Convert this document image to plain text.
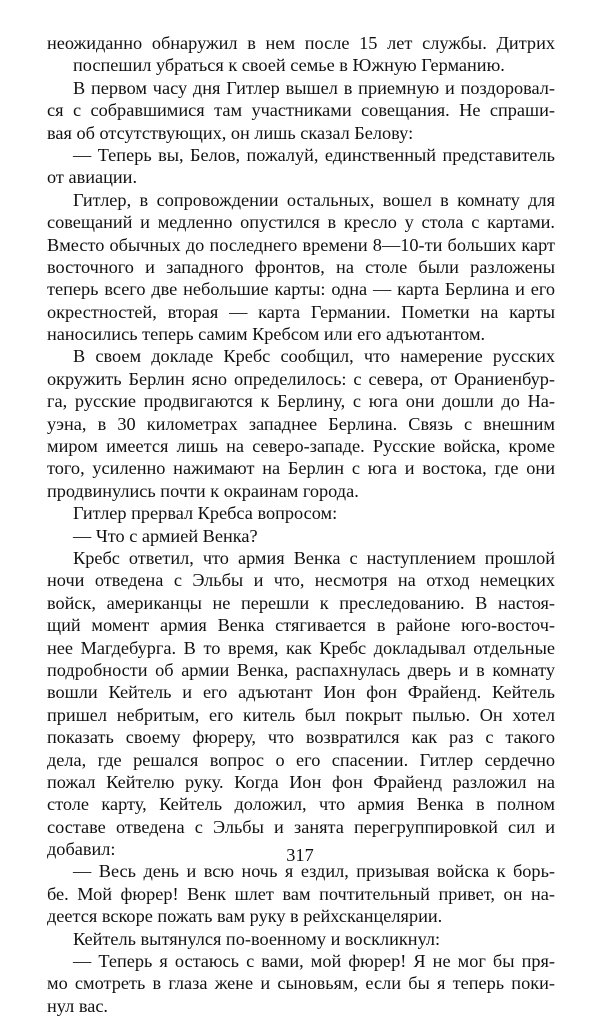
неожиданно обнаружил в нем после 15 лет службы. Дитрих
поспешил убраться к своей семье в Южную Германию.
В первом часу дня Гитлер вышел в приемную и поздоровал-
ся с собравшимися там участниками совещания. Не спраши-
вая об отсутствующих, он лишь сказал Белову:
— Теперь вы, Белов, пожалуй, единственный представитель
от авиации.
Гитлер, в сопровождении остальных, вошел в комнату для
совещаний и медленно опустился в кресло у стола с картами.
Вместо обычных до последнего времени 8—10-ти больших карт
восточного и западного фронтов, на столе были разложены
теперь всего две небольшие карты: одна — карта Берлина и его
окрестностей, вторая — карта Германии. Пометки на карты
наносились теперь самим Кребсом или его адъютантом.
В своем докладе Кребс сообщил, что намерение русских
окружить Берлин ясно определилось: с севера, от Ораниенбур-
га, русские продвигаются к Берлину, с юга они дошли до На-
уэна, в 30 километрах западнее Берлина. Связь с внешним
миром имеется лишь на северо-западе. Русские войска, кроме
того, усиленно нажимают на Берлин с юга и востока, где они
продвинулись почти к окраинам города.
Гитлер прервал Кребса вопросом:
— Что с армией Венка?
Кребс ответил, что армия Венка с наступлением прошлой
ночи отведена с Эльбы и что, несмотря на отход немецких
войск, американцы не перешли к преследованию. В настоя-
щий момент армия Венка стягивается в районе юго-восточ-
нее Магдебурга. В то время, как Кребс докладывал отдельные
подробности об армии Венка, распахнулась дверь и в комнату
вошли Кейтель и его адъютант Ион фон Фрайенд. Кейтель
пришел небритым, его китель был покрыт пылью. Он хотел
показать своему фюреру, что возвратился как раз с такого
дела, где решался вопрос о его спасении. Гитлер сердечно
пожал Кейтелю руку. Когда Ион фон Фрайенд разложил на
столе карту, Кейтель доложил, что армия Венка в полном
составе отведена с Эльбы и занята перегруппировкой сил и
добавил:
— Весь день и всю ночь я ездил, призывая войска к борь-
бе. Мой фюрер! Венк шлет вам почтительный привет, он на-
деется вскоре пожать вам руку в рейхсканцелярии.
Кейтель вытянулся по-военному и воскликнул:
— Теперь я остаюсь с вами, мой фюрер! Я не мог бы пря-
мо смотреть в глаза жене и сыновьям, если бы я теперь поки-
нул вас.
317
